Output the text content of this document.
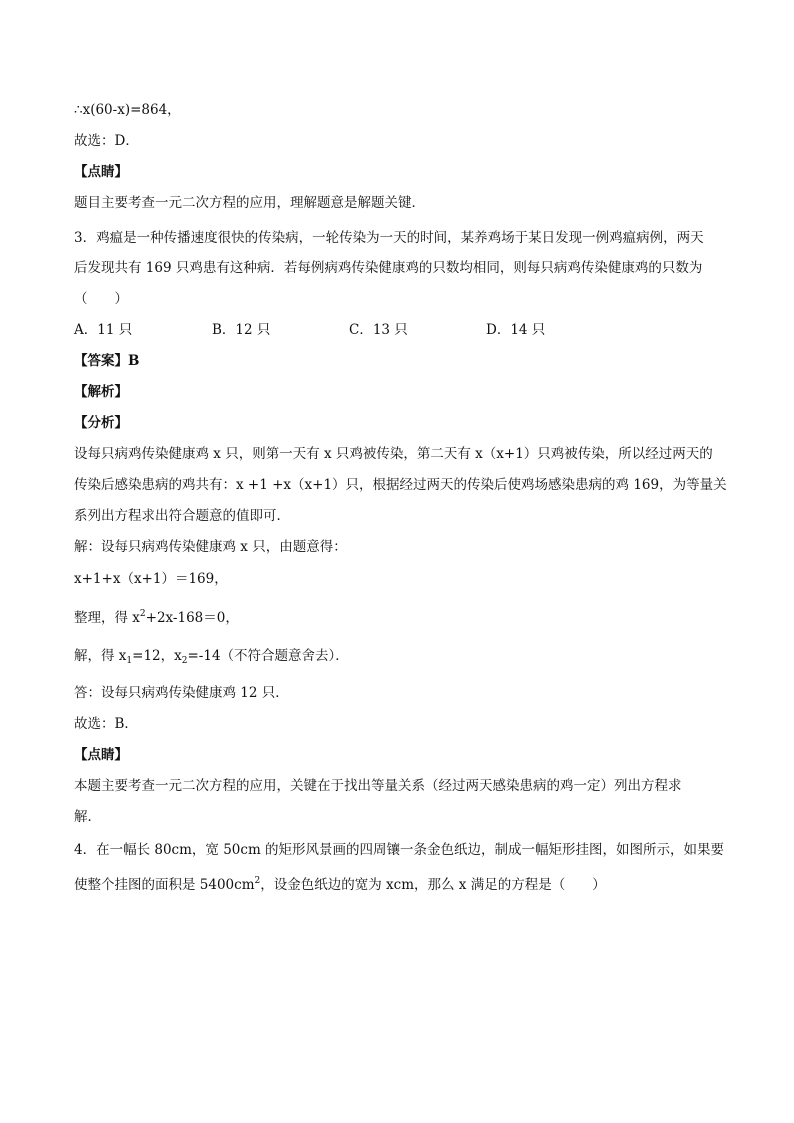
∴x(60-x)=864，
故选：D．
【点睛】
题目主要考查一元二次方程的应用，理解题意是解题关键．
3．鸡瘟是一种传播速度很快的传染病，一轮传染为一天的时间，某养鸡场于某日发现一例鸡瘟病例，两天
后发现共有 169 只鸡患有这种病．若每例病鸡传染健康鸡的只数均相同，则每只病鸡传染健康鸡的只数为
（　　）
A．11 只	B．12 只	C．13 只	D．14 只
【答案】B
【解析】
【分析】
设每只病鸡传染健康鸡 x 只，则第一天有 x 只鸡被传染，第二天有 x（x+1）只鸡被传染，所以经过两天的
传染后感染患病的鸡共有：x +1 +x（x+1）只，根据经过两天的传染后使鸡场感染患病的鸡 169，为等量关
系列出方程求出符合题意的值即可．
解：设每只病鸡传染健康鸡 x 只，由题意得：
x+1+x（x+1）＝169，
整理，得 $x^2+2x-168=0$，
解，得 $x_1=12$，$x_2=-14$（不符合题意舍去）．
答：设每只病鸡传染健康鸡 12 只．
故选：B．
【点睛】
本题主要考查一元二次方程的应用，关键在于找出等量关系（经过两天感染患病的鸡一定）列出方程求
解．
4．在一幅长 80cm，宽 50cm 的矩形风景画的四周镶一条金色纸边，制成一幅矩形挂图，如图所示，如果要
使整个挂图的面积是 $5400cm^2$，设金色纸边的宽为 xcm，那么 x 满足的方程是（　　）
